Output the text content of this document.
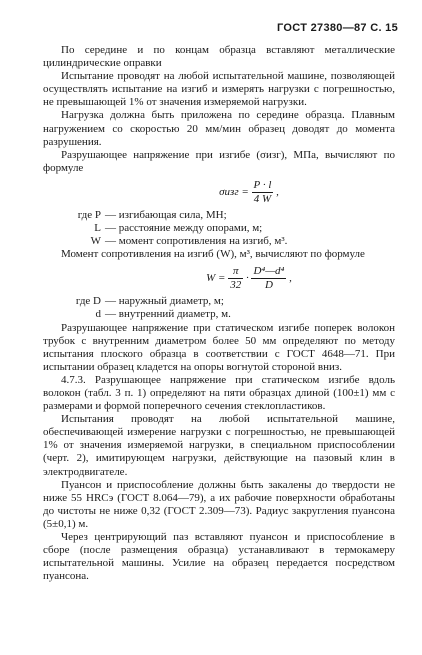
ГОСТ 27380—87 С. 15

По середине и по концам образца вставляют металлические цилиндрические оправки

Испытание проводят на любой испытательной машине, позволяющей осуществлять испытание на изгиб и измерять нагрузки с погрешностью, не превышающей 1% от значения измеряемой нагрузки.

Нагрузка должна быть приложена по середине образца. Плавным нагружением со скоростью 20 мм/мин образец доводят до момента разрушения.

Разрушающее напряжение при изгибе (σизг), МПа, вычисляют по формуле

$\sigma изг = \frac{P \cdot l}{4 W}$ ,
где P — изгибающая сила, МН;
L — расстояние между опорами, м;
W — момент сопротивления на изгиб, м³.

Момент сопротивления на изгиб (W), м³, вычисляют по формуле

$W = \frac{\pi}{32} \cdot \frac{\text{D⁴—d⁴}}{D}$ ,
где D — наружный диаметр, м;
d — внутренний диаметр, м.

Разрушающее напряжение при статическом изгибе поперек волокон трубок с внутренним диаметром более 50 мм определяют по методу испытания плоского образца в соответствии с ГОСТ 4648—71. При испытании образец кладется на опоры вогнутой стороной вниз.

4.7.3. Разрушающее напряжение при статическом изгибе вдоль волокон (табл. 3 п. 1) определяют на пяти образцах длиной (100±1) мм с размерами и формой поперечного сечения стеклопластиков.

Испытания проводят на любой испытательной машине, обеспечивающей измерение нагрузки с погрешностью, не превышающей 1% от значения измеряемой нагрузки, в специальном приспособлении (черт. 2), имитирующем нагрузки, действующие на пазовый клин в электродвигателе.

Пуансон и приспособление должны быть закалены до твердости не ниже 55 HRCэ (ГОСТ 8.064—79), а их рабочие поверхности обработаны до чистоты не ниже 0,32 (ГОСТ 2.309—73). Радиус закругления пуансона (5±0,1) м.

Через центрирующий паз вставляют пуансон и приспособление в сборе (после размещения образца) устанавливают в термокамеру испытательной машины. Усилие на образец передается посредством пуансона.
